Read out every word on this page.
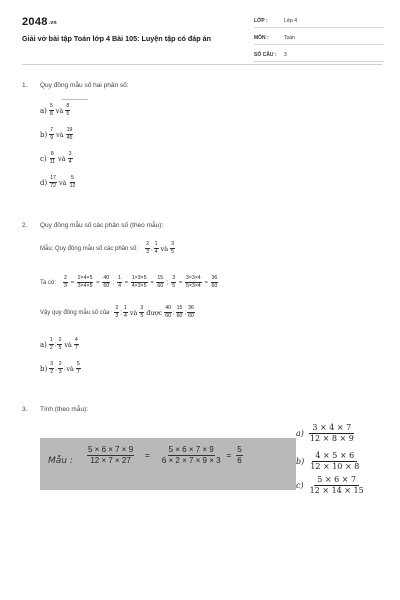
2048.vn
Giải vở bài tập Toán lớp 4 Bài 105: Luyện tập có đáp án
LỚP :	Lớp 4
MÔN :	Toán
SỐ CÂU : 3
1. Quy đồng mẫu số hai phân số:
$a) \frac{5}{8}$ và $\frac{8}{5}$
$b) \frac{7}{9}$ và $\frac{19}{45}$
$c) \frac{8}{11}$ và $\frac{3}{4}$
$d) \frac{17}{72}$ và $\frac{5}{12}$
2. Quy đồng mẫu số các phân số (theo mẫu):
Mẫu: Quy đồng mẫu số các phân số: $\frac{2}{3}$ ; $\frac{1}{4}$ và $\frac{3}{5}$
Ta có: $\frac{2}{3} = \frac{2\times 4\times 5}{3\times 4\times 5} = \frac{40}{60}$ ; $\frac{1}{4} = \frac{1\times 3\times 5}{4\times 3\times 5} = \frac{15}{60}$ ; $\frac{3}{5} = \frac{3\times 3\times 4}{5\times 3\times 4} = \frac{36}{60}$
Vậy quy đồng mẫu số của $\frac{2}{3}$ ; $\frac{1}{4}$ và $\frac{3}{5}$ được $\frac{40}{60}$ ; $\frac{15}{60}$ ; $\frac{36}{60}$
$a) \frac{1}{2}$ ; $\frac{2}{5}$ và $\frac{4}{7}$
$b) \frac{3}{2}$ ; $\frac{2}{3}$ ; và $\frac{5}{7}$
3. Tính (theo mẫu):
Mẫu : $\frac{5 \times 6 \times 7 \times 9}{12 \times 7 \times 27} = \frac{5 \times 6 \times 7 \times 9}{6 \times 2 \times 7 \times 9 \times 3} = \frac{5}{6}$
$a) \frac{3 \times 4 \times 7}{12 \times 8 \times 9}$
$b) \frac{4 \times 5 \times 6}{12 \times 10 \times 8}$
$c) \frac{5 \times 6 \times 7}{12 \times 14 \times 15}$
